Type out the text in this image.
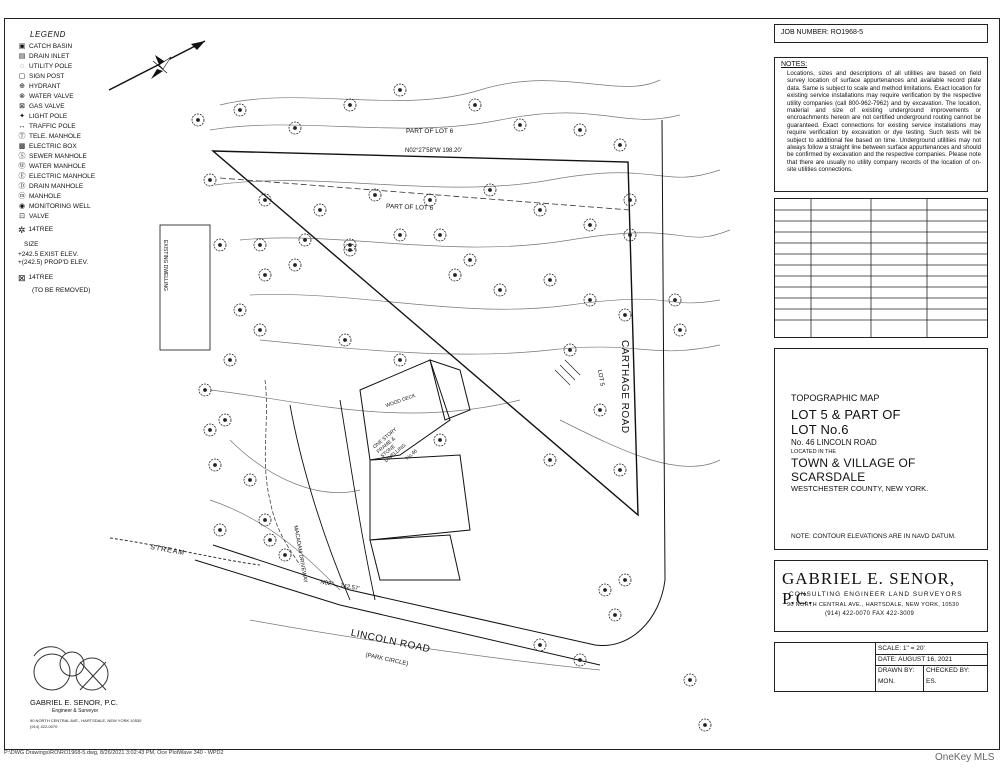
LEGEND
▣ CATCH BASIN
▤ DRAIN INLET
◌ UTILITY POLE
▢ SIGN POST
⊕ HYDRANT
⊗ WATER VALVE
⊠ GAS VALVE
✦ LIGHT POLE
↔ TRAFFIC POLE
Ⓣ TELE. MANHOLE
▩ ELECTRIC BOX
Ⓢ SEWER MANHOLE
Ⓦ WATER MANHOLE
Ⓔ ELECTRIC MANHOLE
Ⓓ DRAIN MANHOLE
ⓜ MANHOLE
◉ MONITORING WELL
⊡ VALVE
✲ 14TREE
SIZE
+242.5 EXIST ELEV.
+(242.5) PROP'D ELEV.
⊠ 14TREE
(TO BE REMOVED)
PART OF LOT 6
N02°27'58"W 198.20'
PART OF LOT 6
CARTHAGE ROAD
LINCOLN ROAD
(PARK CIRCLE)
STREAM	MACADAM DRIVEWAY
ONE STORY FRAME & STONE DWELLING
No.46
WOOD DECK
LOT 5
N02°... 142.57'
EXISTING DWELLING
JOB NUMBER: RO1968-5
NOTES:
Locations, sizes and descriptions of all utilities are based on field survey location of surface appurtenances and available record plate data. Same is subject to scale and method limitations. Exact location for existing service installations may require verification by the respective utility companies (call 800-962-7962) and by excavation. The location, material and size of existing underground improvements or encroachments hereon are not certified underground routing cannot be guaranteed. Exact connections for existing service installations may require verification by excavation or dye testing. Such tests will be subject to additional fee based on time. Underground utilities may not always follow a straight line between surface appurtenances and should be confirmed by excavation and the respective companies. Please note that there are usually no utility company records of the location of on-site utilities connections.
TOPOGRAPHIC MAP
LOT 5 & PART OF
LOT No.6
No. 46 LINCOLN ROAD
LOCATED IN THE
TOWN & VILLAGE OF
SCARSDALE
WESTCHESTER COUNTY, NEW YORK.
NOTE: CONTOUR ELEVATIONS ARE IN NAVD DATUM.
GABRIEL E. SENOR, P.C.
CONSULTING ENGINEER LAND SURVEYORS
90 NORTH CENTRAL AVE., HARTSDALE, NEW YORK, 10530
(914) 422-0070 FAX 422-3009
SCALE: 1" = 20'
DATE: AUGUST 16, 2021
DRAWN BY:
MON.
CHECKED BY:
ES.
GABRIEL E. SENOR, P.C.
Engineer & Surveyor
90 NORTH CENTRAL AVE., HARTSDALE, NEW YORK 10530
(914) 422-0070
P:\DWG Drawings\RO\RO1968-5.dwg, 8/26/2021 3:02:43 PM, Oce PlotWave 340 - WPD2	OneKey MLS
